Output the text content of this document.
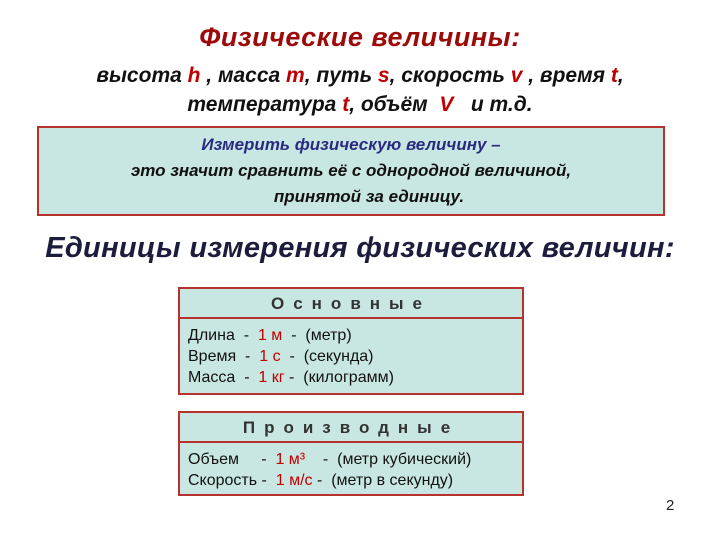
Физические величины:
высота h , масса m, путь s, скорость v , время t,
температура t, объём  V   и т.д.
Измерить физическую величину –
это значит сравнить её с однородной величиной,
принятой за единицу.
Единицы измерения физических величин:
Основные
Длина  -  1 м  -  (метр)
Время  -  1 с  -  (секунда)
Масса  -  1 кг -  (килограмм)
Производные
Объем     -  1 м³    -  (метр кубический)
Скорость -  1 м/с -  (метр в секунду)
2
